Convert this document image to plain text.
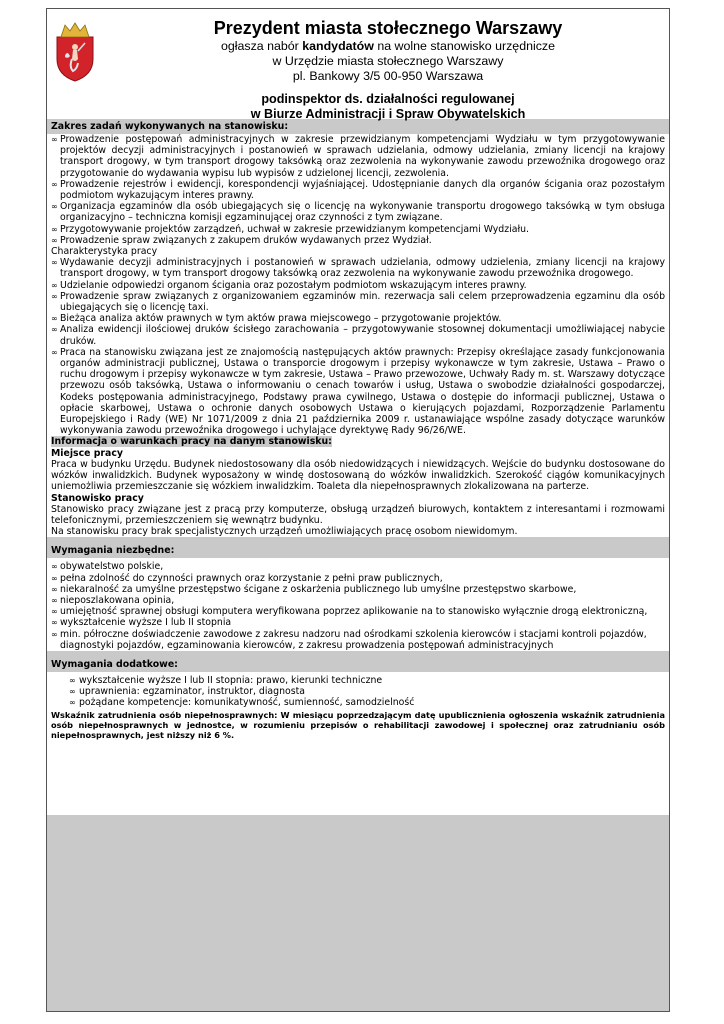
Prezydent miasta stołecznego Warszawy
ogłasza nabór kandydatów na wolne stanowisko urzędnicze
w Urzędzie miasta stołecznego Warszawy
pl. Bankowy 3/5 00-950 Warszawa
podinspektor ds. działalności regulowanej
w Biurze Administracji i Spraw Obywatelskich
Zakres zadań wykonywanych na stanowisku:
∞ Prowadzenie postępowań administracyjnych w zakresie przewidzianym kompetencjami Wydziału w tym przygotowywanie projektów decyzji administracyjnych i postanowień w sprawach udzielania, odmowy udzielania, zmiany licencji na krajowy transport drogowy, w tym transport drogowy taksówką oraz zezwolenia na wykonywanie zawodu przewoźnika drogowego oraz przygotowanie do wydawania wypisu lub wypisów z udzielonej licencji, zezwolenia.
∞ Prowadzenie rejestrów i ewidencji, korespondencji wyjaśniającej. Udostępnianie danych dla organów ścigania oraz pozostałym podmiotom wykazującym interes prawny.
∞ Organizacja egzaminów dla osób ubiegających się o licencję na wykonywanie transportu drogowego taksówką w tym obsługa organizacyjno – techniczna komisji egzaminującej oraz czynności z tym związane.
∞ Przygotowywanie projektów zarządzeń, uchwał w zakresie przewidzianym kompetencjami Wydziału.
∞ Prowadzenie spraw związanych z zakupem druków wydawanych przez Wydział.
Charakterystyka pracy
∞ Wydawanie decyzji administracyjnych i postanowień w sprawach udzielania, odmowy udzielenia, zmiany licencji na krajowy transport drogowy, w tym transport drogowy taksówką oraz zezwolenia na wykonywanie zawodu przewoźnika drogowego.
∞ Udzielanie odpowiedzi organom ścigania oraz pozostałym podmiotom wskazującym interes prawny.
∞ Prowadzenie spraw związanych z organizowaniem egzaminów min. rezerwacja sali celem przeprowadzenia egzaminu dla osób ubiegających się o licencję taxi.
∞ Bieżąca analiza aktów prawnych w tym aktów prawa miejscowego – przygotowanie projektów.
∞ Analiza ewidencji ilościowej druków ścisłego zarachowania – przygotowywanie stosownej dokumentacji umożliwiającej nabycie druków.
∞ Praca na stanowisku związana jest ze znajomością następujących aktów prawnych: Przepisy określające zasady funkcjonowania organów administracji publicznej, Ustawa o transporcie drogowym i przepisy wykonawcze w tym zakresie, Ustawa – Prawo o ruchu drogowym i przepisy wykonawcze w tym zakresie, Ustawa – Prawo przewozowe, Uchwały Rady m. st. Warszawy dotyczące przewozu osób taksówką, Ustawa o informowaniu o cenach towarów i usług, Ustawa o swobodzie działalności gospodarczej, Kodeks postępowania administracyjnego, Podstawy prawa cywilnego, Ustawa o dostępie do informacji publicznej, Ustawa o opłacie skarbowej, Ustawa o ochronie danych osobowych Ustawa o kierujących pojazdami, Rozporządzenie Parlamentu Europejskiego i Rady (WE) Nr 1071/2009 z dnia 21 października 2009 r. ustanawiające wspólne zasady dotyczące warunków wykonywania zawodu przewoźnika drogowego i uchylające dyrektywę Rady 96/26/WE.
Informacja o warunkach pracy na danym stanowisku:
Miejsce pracy
Praca w budynku Urzędu. Budynek niedostosowany dla osób niedowidzących i niewidzących. Wejście do budynku dostosowane do wózków inwalidzkich. Budynek wyposażony w windę dostosowaną do wózków inwalidzkich. Szerokość ciągów komunikacyjnych uniemożliwia przemieszczanie się wózkiem inwalidzkim. Toaleta dla niepełnosprawnych zlokalizowana na parterze.
Stanowisko pracy
Stanowisko pracy związane jest z pracą przy komputerze, obsługą urządzeń biurowych, kontaktem z interesantami i rozmowami telefonicznymi, przemieszczeniem się wewnątrz budynku.
Na stanowisku pracy brak specjalistycznych urządzeń umożliwiających pracę osobom niewidomym.
Wymagania niezbędne:
∞ obywatelstwo polskie,
∞ pełna zdolność do czynności prawnych oraz korzystanie z pełni praw publicznych,
∞ niekaralność za umyślne przestępstwo ścigane z oskarżenia publicznego lub umyślne przestępstwo skarbowe,
∞ nieposzlakowana opinia,
∞ umiejętność sprawnej obsługi komputera weryfikowana poprzez aplikowanie na to stanowisko wyłącznie drogą elektroniczną,
∞ wykształcenie wyższe I lub II stopnia
∞ min. półroczne doświadczenie zawodowe z zakresu nadzoru nad ośrodkami szkolenia kierowców i stacjami kontroli pojazdów, diagnostyki pojazdów, egzaminowania kierowców, z zakresu prowadzenia postępowań administracyjnych
Wymagania dodatkowe:
∞ wykształcenie wyższe I lub II stopnia: prawo, kierunki techniczne
∞ uprawnienia: egzaminator, instruktor, diagnosta
∞ pożądane kompetencje: komunikatywność, sumienność, samodzielność
Wskaźnik zatrudnienia osób niepełnosprawnych: W miesiącu poprzedzającym datę upublicznienia ogłoszenia wskaźnik zatrudnienia osób niepełnosprawnych w jednostce, w rozumieniu przepisów o rehabilitacji zawodowej i społecznej oraz zatrudnianiu osób niepełnosprawnych, jest niższy niż 6 %.
